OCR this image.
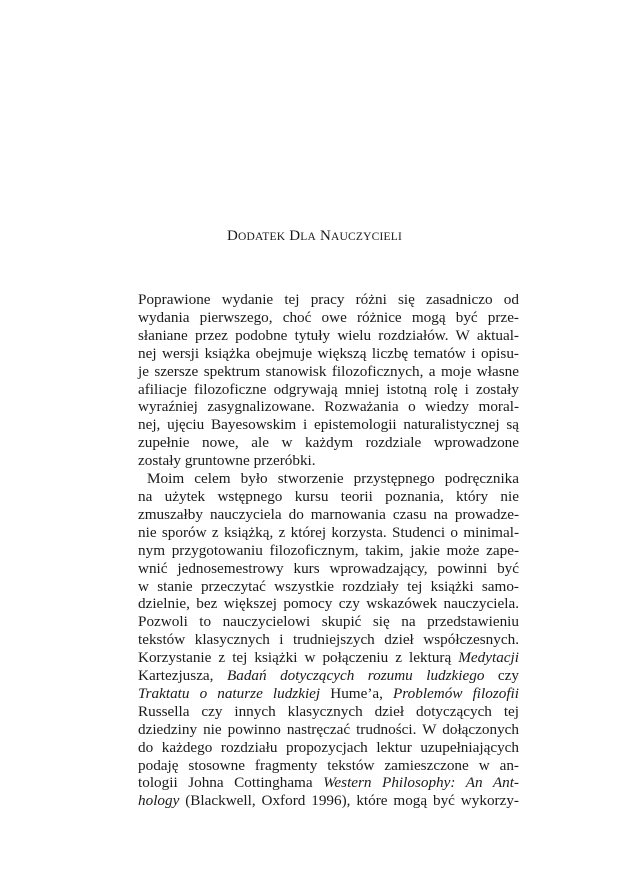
DODATEK DLA NAUCZYCIELI
Poprawione wydanie tej pracy różni się zasadniczo od
wydania pierwszego, choć owe różnice mogą być prze-
słaniane przez podobne tytuły wielu rozdziałów. W aktual-
nej wersji książka obejmuje większą liczbę tematów i opisu-
je szersze spektrum stanowisk filozoficznych, a moje własne
afiliacje filozoficzne odgrywają mniej istotną rolę i zostały
wyraźniej zasygnalizowane. Rozważania o wiedzy moral-
nej, ujęciu Bayesowskim i epistemologii naturalistycznej są
zupełnie nowe, ale w każdym rozdziale wprowadzone
zostały gruntowne przeróbki.
Moim celem było stworzenie przystępnego podręcznika
na użytek wstępnego kursu teorii poznania, który nie
zmuszałby nauczyciela do marnowania czasu na prowadze-
nie sporów z książką, z której korzysta. Studenci o minimal-
nym przygotowaniu filozoficznym, takim, jakie może zape-
wnić jednosemestrowy kurs wprowadzający, powinni być
w stanie przeczytać wszystkie rozdziały tej książki samo-
dzielnie, bez większej pomocy czy wskazówek nauczyciela.
Pozwoli to nauczycielowi skupić się na przedstawieniu
tekstów klasycznych i trudniejszych dzieł współczesnych.
Korzystanie z tej książki w połączeniu z lekturą Medytacji
Kartezjusza, Badań dotyczących rozumu ludzkiego czy
Traktatu o naturze ludzkiej Hume’a, Problemów filozofii
Russella czy innych klasycznych dzieł dotyczących tej
dziedziny nie powinno nastręczać trudności. W dołączonych
do każdego rozdziału propozycjach lektur uzupełniających
podaję stosowne fragmenty tekstów zamieszczone w an-
tologii Johna Cottinghama Western Philosophy: An Ant-
hology (Blackwell, Oxford 1996), które mogą być wykorzy-
